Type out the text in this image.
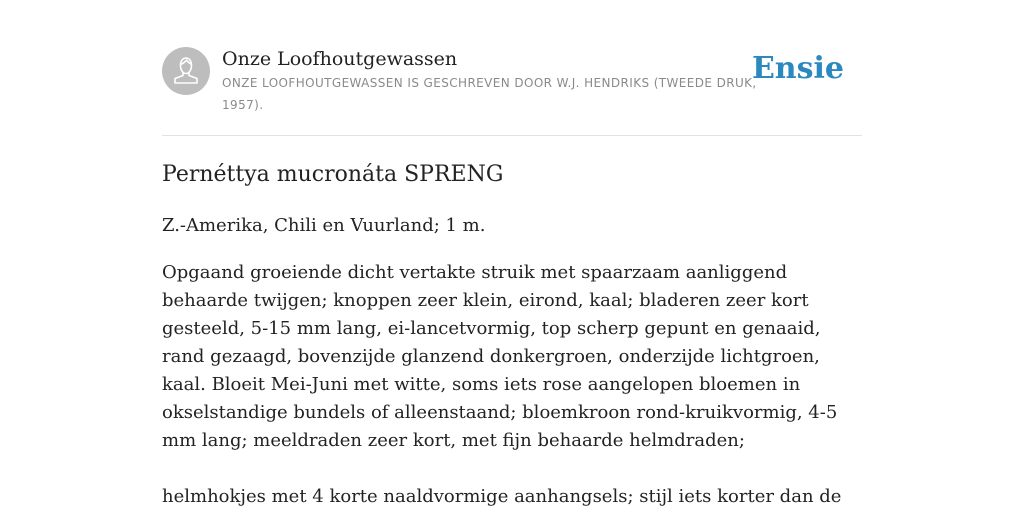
Onze Loofhoutgewassen
ONZE LOOFHOUTGEWASSEN IS GESCHREVEN DOOR W.J. HENDRIKS (TWEEDE DRUK, 1957).
Ensie
Pernéttya mucronáta SPRENG
Z.-Amerika, Chili en Vuurland; 1 m.

Opgaand groeiende dicht vertakte struik met spaarzaam aanliggend behaarde twijgen; knoppen zeer klein, eirond, kaal; bladeren zeer kort gesteeld, 5-15 mm lang, ei-lancetvormig, top scherp gepunt en genaaid, rand gezaagd, bovenzijde glanzend donkergroen, onderzijde lichtgroen, kaal. Bloeit Mei-Juni met witte, soms iets rose aangelopen bloemen in okselstandige bundels of alleenstaand; bloemkroon rond-kruikvormig, 4-5 mm lang; meeldraden zeer kort, met fijn behaarde helmdraden;

helmhokjes met 4 korte naaldvormige aanhangsels; stijl iets korter dan de
